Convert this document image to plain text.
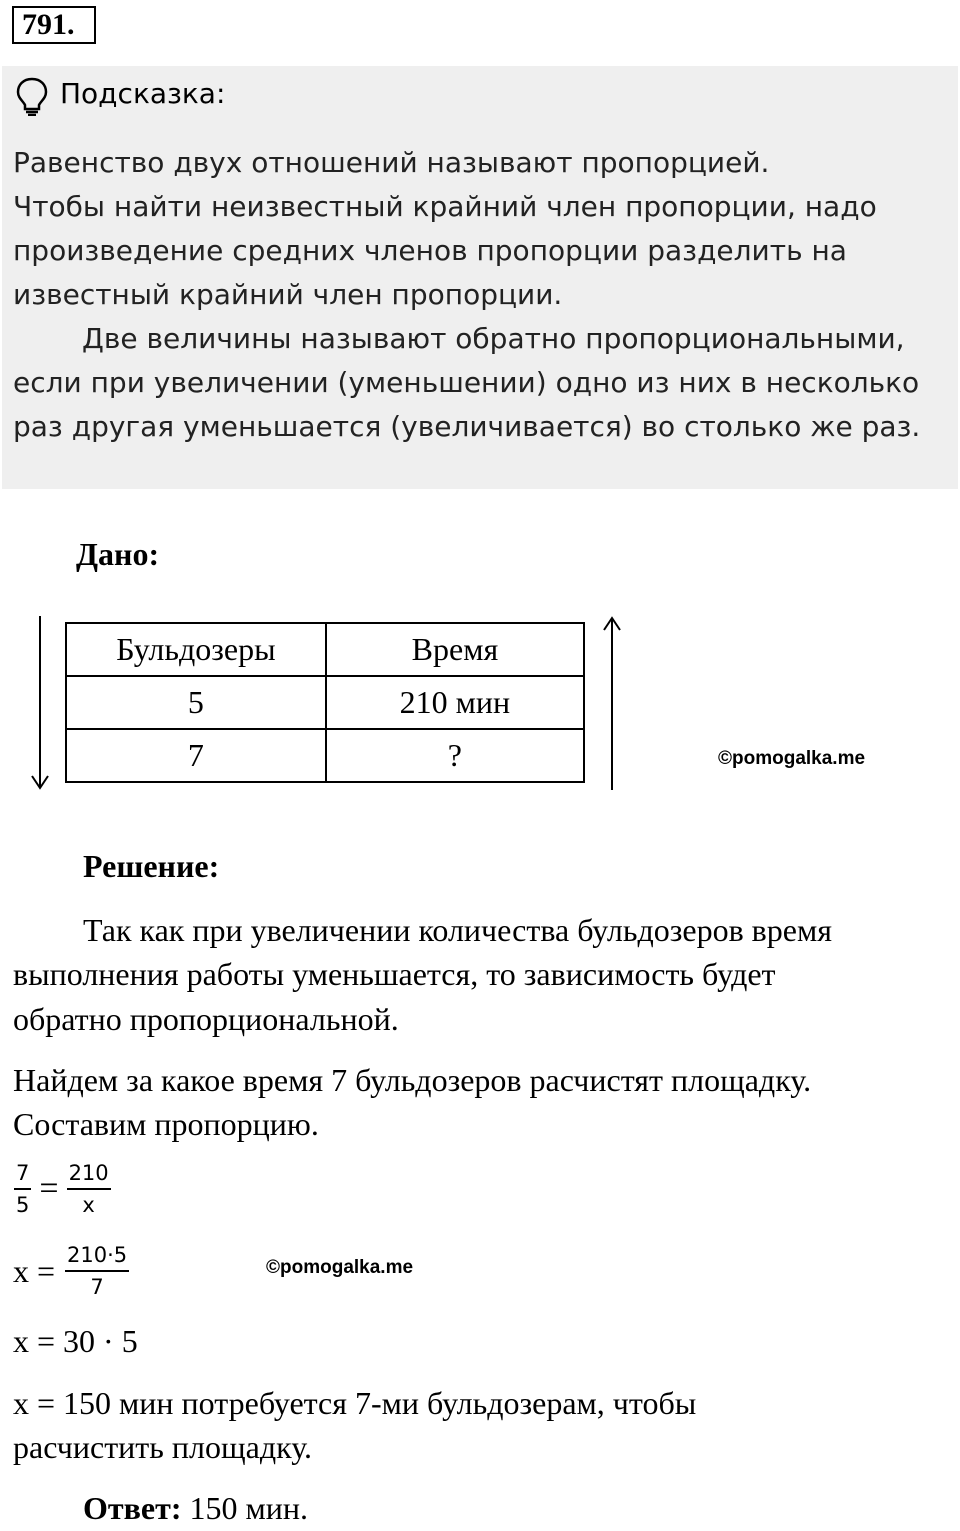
791.
Подсказка:
Равенство двух отношений называют пропорцией.
Чтобы найти неизвестный крайний член пропорции, надо
произведение средних членов пропорции разделить на
известный крайний член пропорции.
Две величины называют обратно пропорциональными,
если при увеличении (уменьшении) одно из них в несколько
раз другая уменьшается (увеличивается) во столько же раз.
Дано:
Бульдозеры	Время
5	210 мин
7	?	©pomogalka.me
Решение:
Так как при увеличении количества бульдозеров время
выполнения работы уменьшается, то зависимость будет
обратно пропорциональной.
Найдем за какое время 7 бульдозеров расчистят площадку.
Составим пропорцию.
$\frac{7}{5} = \frac{210}{x}$
$x = \frac{210\cdot 5}{7}$	©pomogalka.me
x = 30 · 5
x = 150 мин потребуется 7-ми бульдозерам, чтобы
расчистить площадку.
Ответ: 150 мин.
